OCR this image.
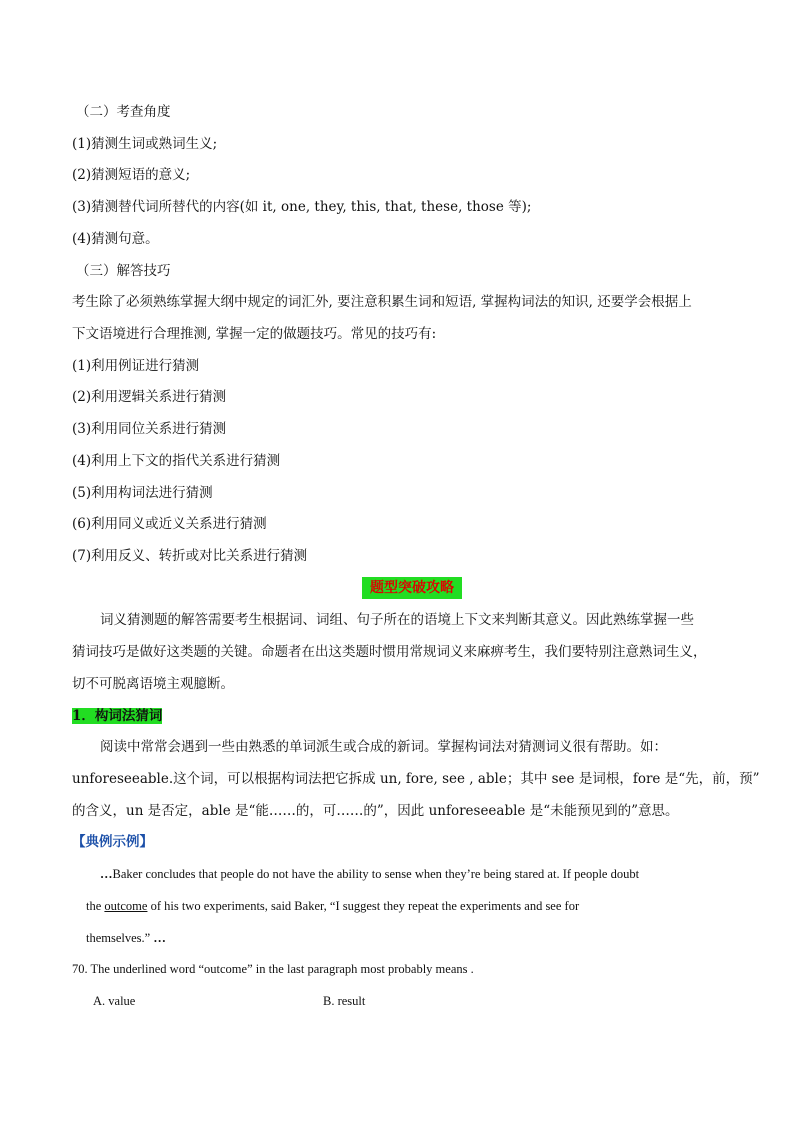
（二）考查角度
(1)猜测生词或熟词生义;
(2)猜测短语的意义;
(3)猜测替代词所替代的内容(如 it, one, they, this, that, these, those 等);
(4)猜测句意。
（三）解答技巧
考生除了必须熟练掌握大纲中规定的词汇外, 要注意积累生词和短语, 掌握构词法的知识, 还要学会根据上
下文语境进行合理推测, 掌握一定的做题技巧。常见的技巧有:
(1)利用例证进行猜测
(2)利用逻辑关系进行猜测
(3)利用同位关系进行猜测
(4)利用上下文的指代关系进行猜测
(5)利用构词法进行猜测
(6)利用同义或近义关系进行猜测
(7)利用反义、转折或对比关系进行猜测
题型突破攻略
词义猜测题的解答需要考生根据词、词组、句子所在的语境上下文来判断其意义。因此熟练掌握一些
猜词技巧是做好这类题的关键。命题者在出这类题时惯用常规词义来麻痹考生，我们要特别注意熟词生义，
切不可脱离语境主观臆断。
1．构词法猜词
阅读中常常会遇到一些由熟悉的单词派生或合成的新词。掌握构词法对猜测词义很有帮助。如：
unforeseeable.这个词，可以根据构词法把它拆成 un, fore, see , able；其中 see 是词根，fore 是“先，前，预”
的含义，un 是否定，able 是“能……的，可……的”，因此 unforeseeable 是“未能预见到的”意思。
【典例示例】
…Baker concludes that people do not have the ability to sense when they’re being stared at. If people doubt
the outcome of his two experiments, said Baker, “I suggest they repeat the experiments and see for
themselves.” …
70. The underlined word “outcome” in the last paragraph most probably means .
A. value	B. result
